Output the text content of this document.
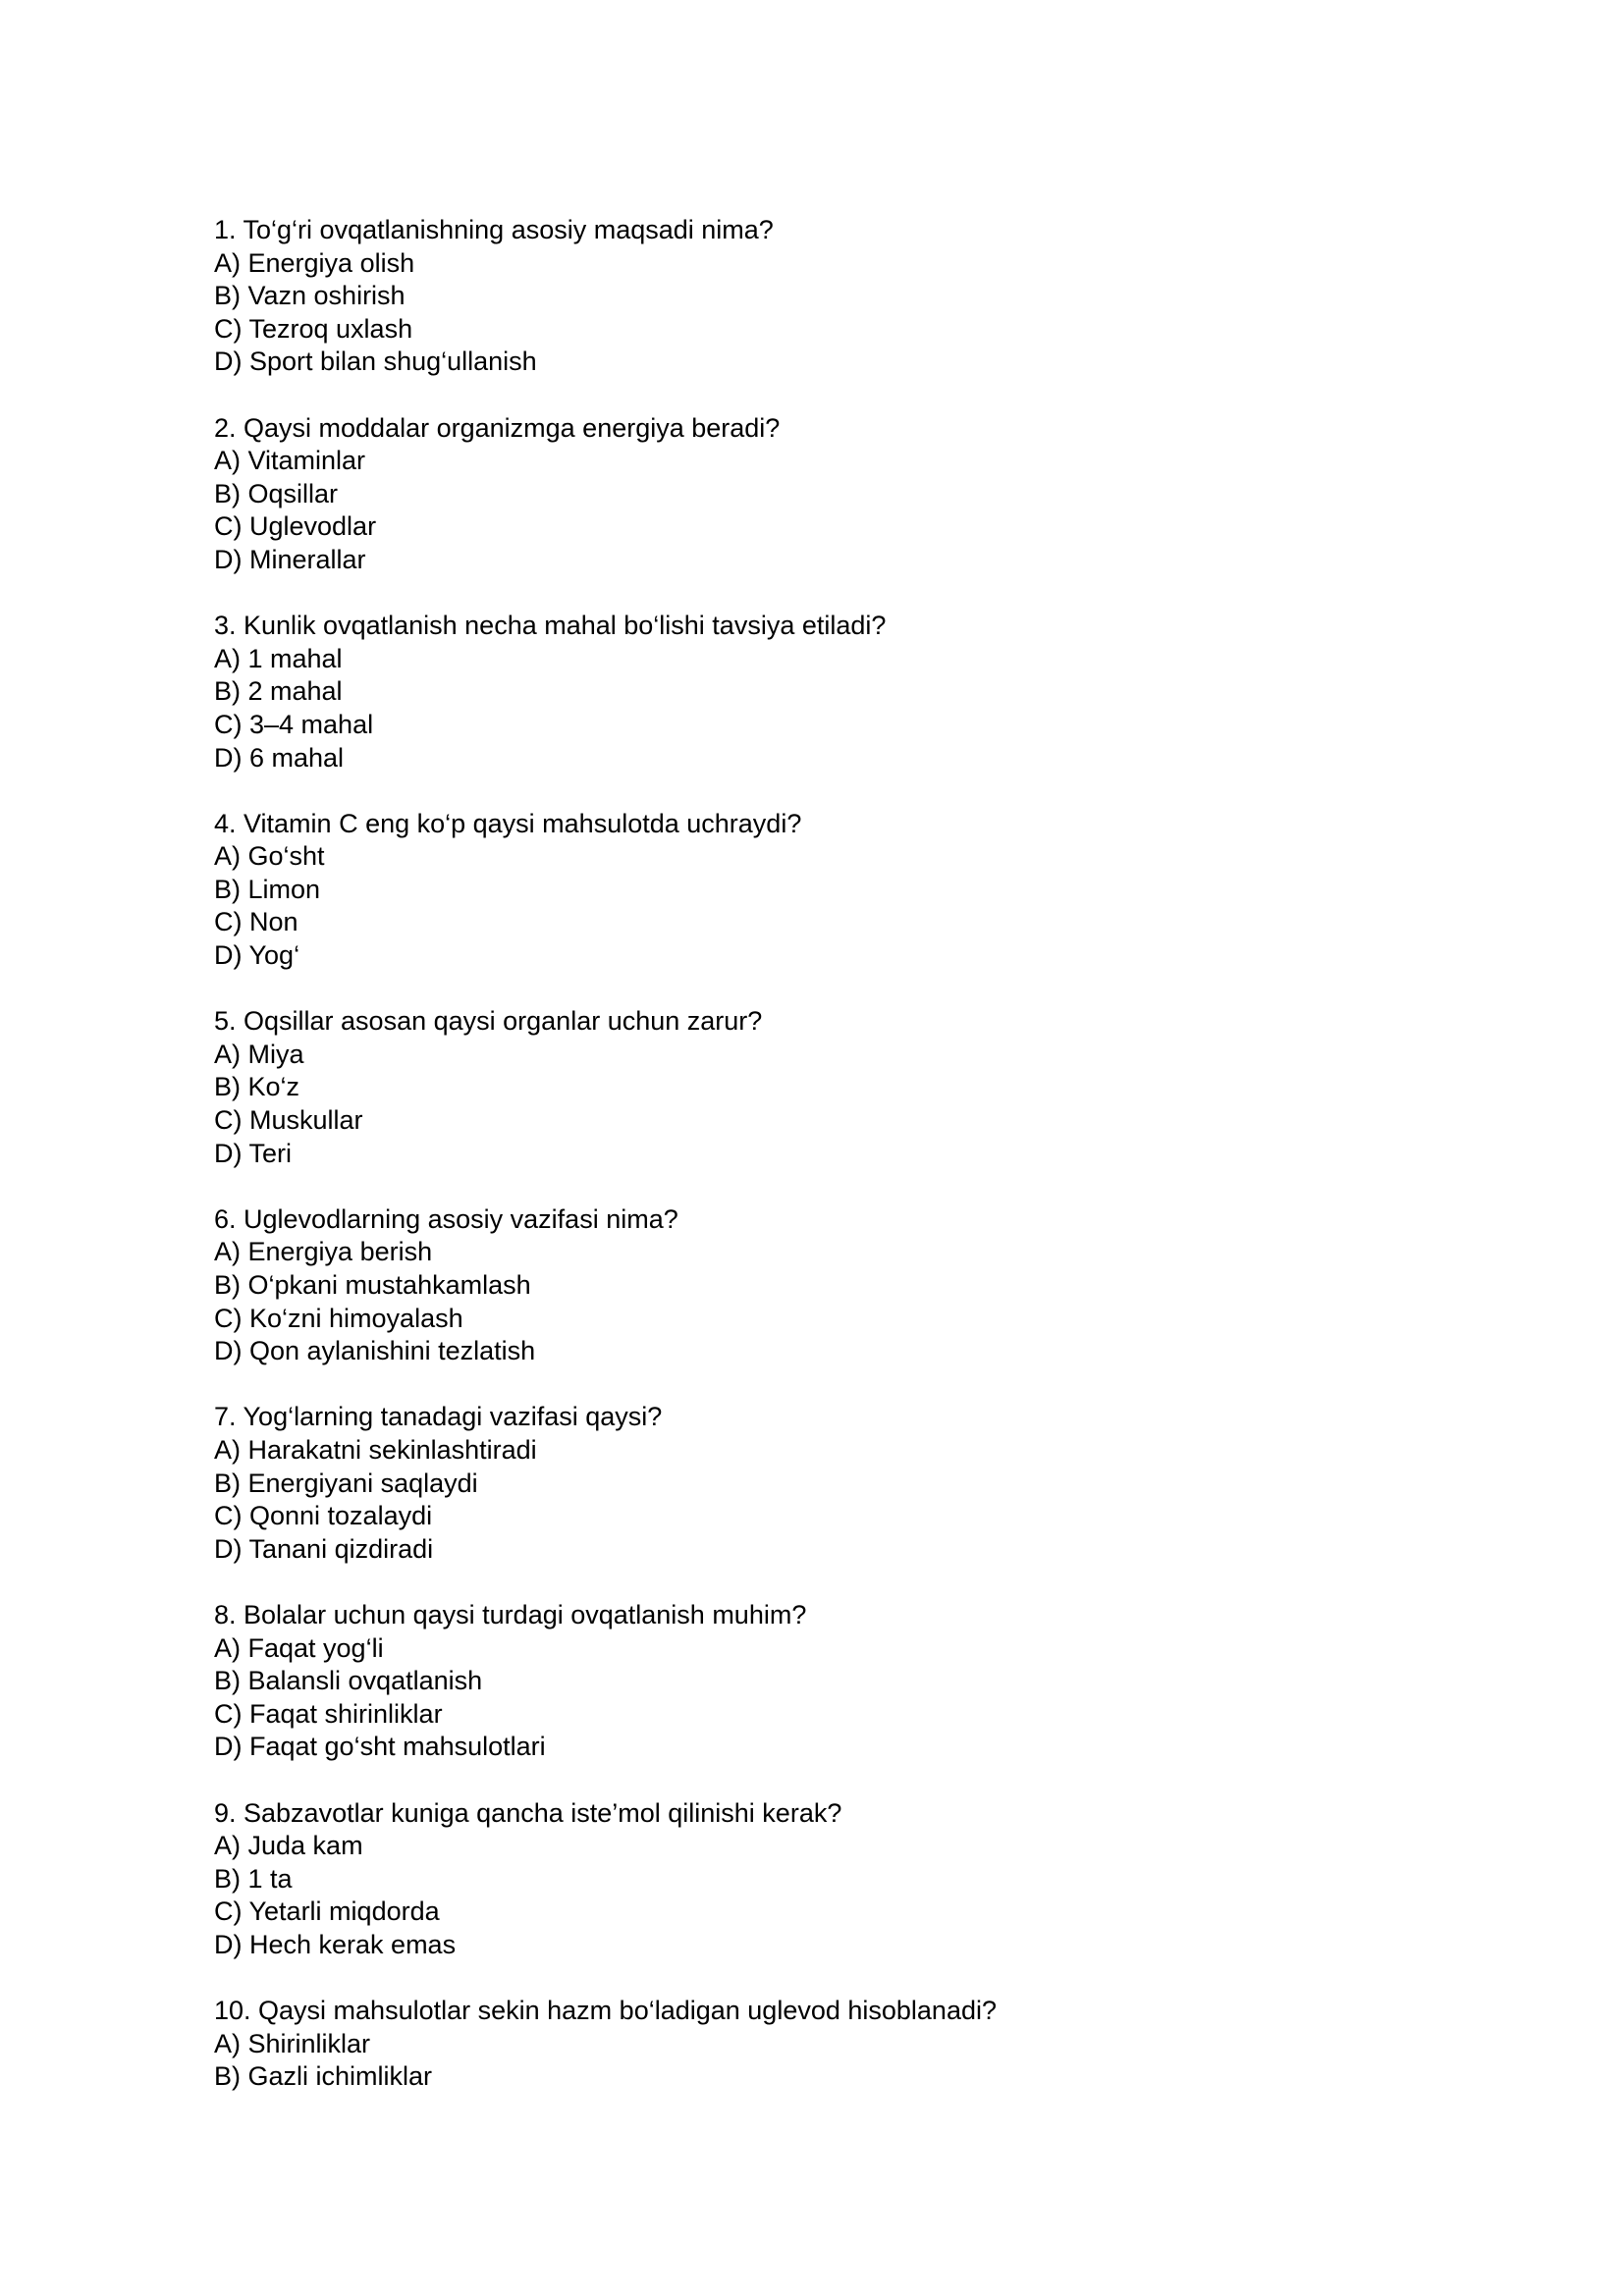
1. To‘g‘ri ovqatlanishning asosiy maqsadi nima?
A) Energiya olish
B) Vazn oshirish
C) Tezroq uxlash
D) Sport bilan shug‘ullanish
2. Qaysi moddalar organizmga energiya beradi?
A) Vitaminlar
B) Oqsillar
C) Uglevodlar
D) Minerallar
3. Kunlik ovqatlanish necha mahal bo‘lishi tavsiya etiladi?
A) 1 mahal
B) 2 mahal
C) 3–4 mahal
D) 6 mahal
4. Vitamin C eng ko‘p qaysi mahsulotda uchraydi?
A) Go‘sht
B) Limon
C) Non
D) Yog‘
5. Oqsillar asosan qaysi organlar uchun zarur?
A) Miya
B) Ko‘z
C) Muskullar
D) Teri
6. Uglevodlarning asosiy vazifasi nima?
A) Energiya berish
B) O‘pkani mustahkamlash
C) Ko‘zni himoyalash
D) Qon aylanishini tezlatish
7. Yog‘larning tanadagi vazifasi qaysi?
A) Harakatni sekinlashtiradi
B) Energiyani saqlaydi
C) Qonni tozalaydi
D) Tanani qizdiradi
8. Bolalar uchun qaysi turdagi ovqatlanish muhim?
A) Faqat yog‘li
B) Balansli ovqatlanish
C) Faqat shirinliklar
D) Faqat go‘sht mahsulotlari
9. Sabzavotlar kuniga qancha iste’mol qilinishi kerak?
A) Juda kam
B) 1 ta
C) Yetarli miqdorda
D) Hech kerak emas
10. Qaysi mahsulotlar sekin hazm bo‘ladigan uglevod hisoblanadi?
A) Shirinliklar
B) Gazli ichimliklar
